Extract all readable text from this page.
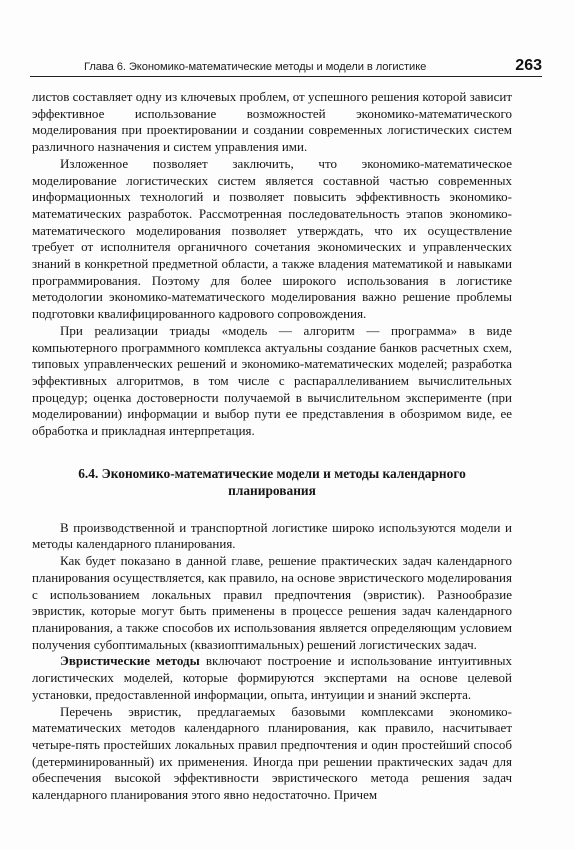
Глава 6. Экономико-математические методы и модели в логистике	263

листов составляет одну из ключевых проблем, от успешного решения которой зависит эффективное использование возможностей экономико-математического моделирования при проектировании и создании современных логистических систем различного назначения и систем управления ими.

Изложенное позволяет заключить, что экономико-математическое моделирование логистических систем является составной частью современных информационных технологий и позволяет повысить эффективность экономико-математических разработок. Рассмотренная последовательность этапов экономико-математического моделирования позволяет утверждать, что их осуществление требует от исполнителя органичного сочетания экономических и управленческих знаний в конкретной предметной области, а также владения математикой и навыками программирования. Поэтому для более широкого использования в логистике методологии экономико-математического моделирования важно решение проблемы подготовки квалифицированного кадрового сопровождения.

При реализации триады «модель — алгоритм — программа» в виде компьютерного программного комплекса актуальны создание банков расчетных схем, типовых управленческих решений и экономико-математических моделей; разработка эффективных алгоритмов, в том числе с распараллеливанием вычислительных процедур; оценка достоверности получаемой в вычислительном эксперименте (при моделировании) информации и выбор пути ее представления в обозримом виде, ее обработка и прикладная интерпретация.

6.4. Экономико-математические модели и методы календарного планирования

В производственной и транспортной логистике широко используются модели и методы календарного планирования.

Как будет показано в данной главе, решение практических задач календарного планирования осуществляется, как правило, на основе эвристического моделирования с использованием локальных правил предпочтения (эвристик). Разнообразие эвристик, которые могут быть применены в процессе решения задач календарного планирования, а также способов их использования является определяющим условием получения субоптимальных (квазиоптимальных) решений логистических задач.

Эвристические методы включают построение и использование интуитивных логистических моделей, которые формируются экспертами на основе целевой установки, предоставленной информации, опыта, интуиции и знаний эксперта.

Перечень эвристик, предлагаемых базовыми комплексами экономико-математических методов календарного планирования, как правило, насчитывает четыре-пять простейших локальных правил предпочтения и один простейший способ (детерминированный) их применения. Иногда при решении практических задач для обеспечения высокой эффективности эвристического метода решения задач календарного планирования этого явно недостаточно. Причем
